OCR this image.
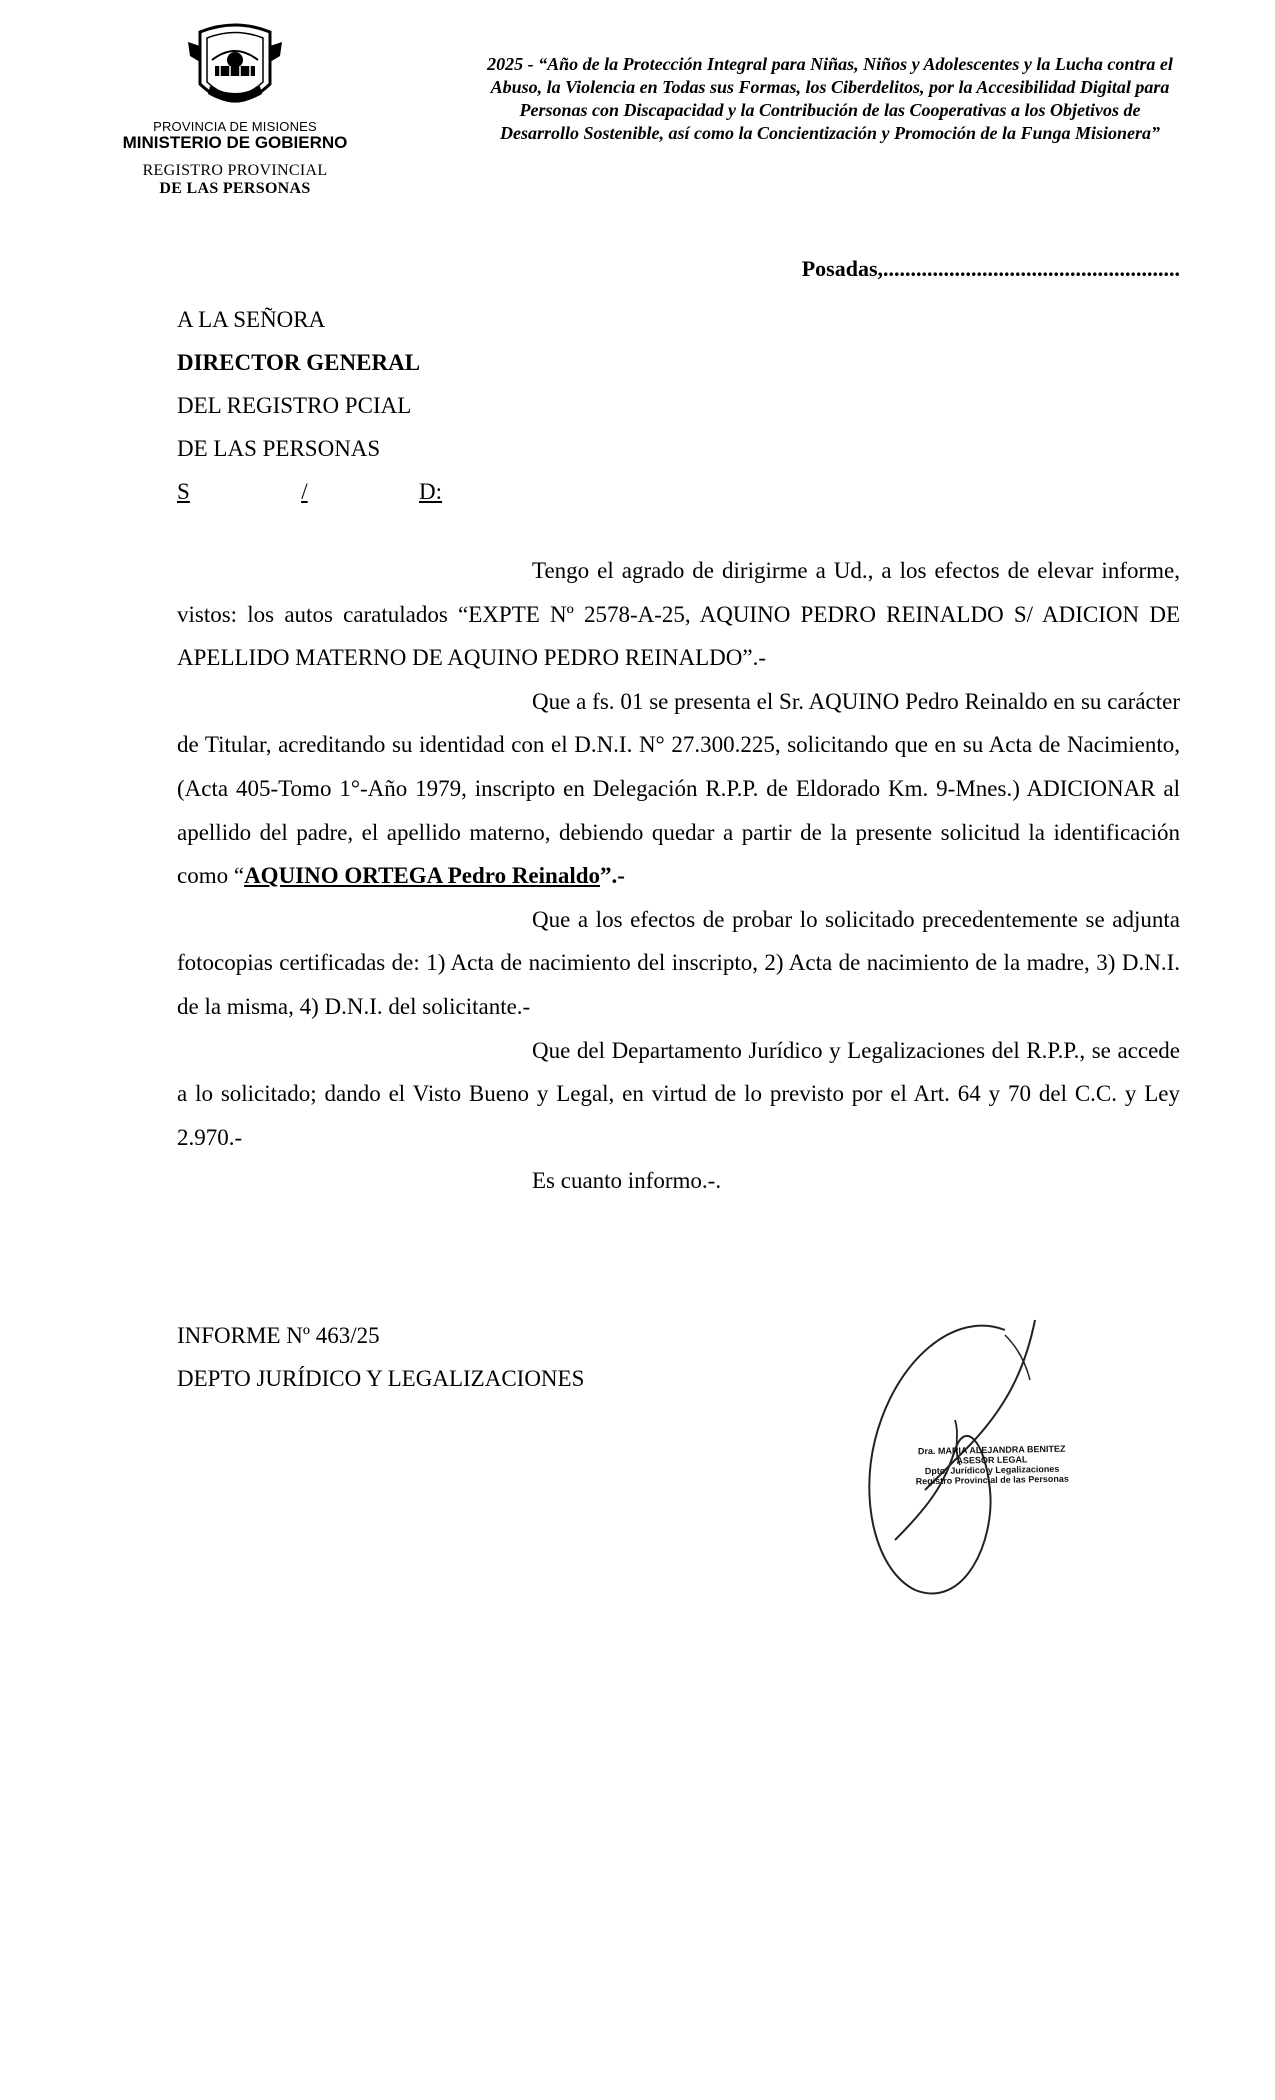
PROVINCIA DE MISIONES
MINISTERIO DE GOBIERNO
REGISTRO PROVINCIAL
DE LAS PERSONAS
2025 - “Año de la Protección Integral para Niñas, Niños y Adolescentes y la Lucha contra el Abuso, la Violencia en Todas sus Formas, los Ciberdelitos, por la Accesibilidad Digital para Personas con Discapacidad y la Contribución de las Cooperativas a los Objetivos de Desarrollo Sostenible, así como la Concientización y Promoción de la Funga Misionera”
Posadas,......................................................
A LA SEÑORA
DIRECTOR GENERAL
DEL REGISTRO PCIAL
DE LAS PERSONAS
S	/	D:

Tengo el agrado de dirigirme a Ud., a los efectos de elevar informe, vistos: los autos caratulados “EXPTE Nº 2578-A-25, AQUINO PEDRO REINALDO S/ ADICION DE APELLIDO MATERNO DE AQUINO PEDRO REINALDO”.-

Que a fs. 01 se presenta el Sr. AQUINO Pedro Reinaldo en su carácter de Titular, acreditando su identidad con el D.N.I. N° 27.300.225, solicitando que en su Acta de Nacimiento, (Acta 405-Tomo 1°-Año 1979, inscripto en Delegación R.P.P. de Eldorado Km. 9-Mnes.) ADICIONAR al apellido del padre, el apellido materno, debiendo quedar a partir de la presente solicitud la identificación como “AQUINO ORTEGA Pedro Reinaldo”.-

Que a los efectos de probar lo solicitado precedentemente se adjunta fotocopias certificadas de: 1) Acta de nacimiento del inscripto, 2) Acta de nacimiento de la madre, 3) D.N.I. de la misma, 4) D.N.I. del solicitante.-

Que del Departamento Jurídico y Legalizaciones del R.P.P., se accede a lo solicitado; dando el Visto Bueno y Legal, en virtud de lo previsto por el Art. 64 y 70 del C.C. y Ley 2.970.-

Es cuanto informo.-.

INFORME Nº 463/25
DEPTO JURÍDICO Y LEGALIZACIONES
Dra. MARIA ALEJANDRA BENITEZ
ASESOR LEGAL
Dpto. Jurídico y Legalizaciones
Registro Provincial de las Personas
